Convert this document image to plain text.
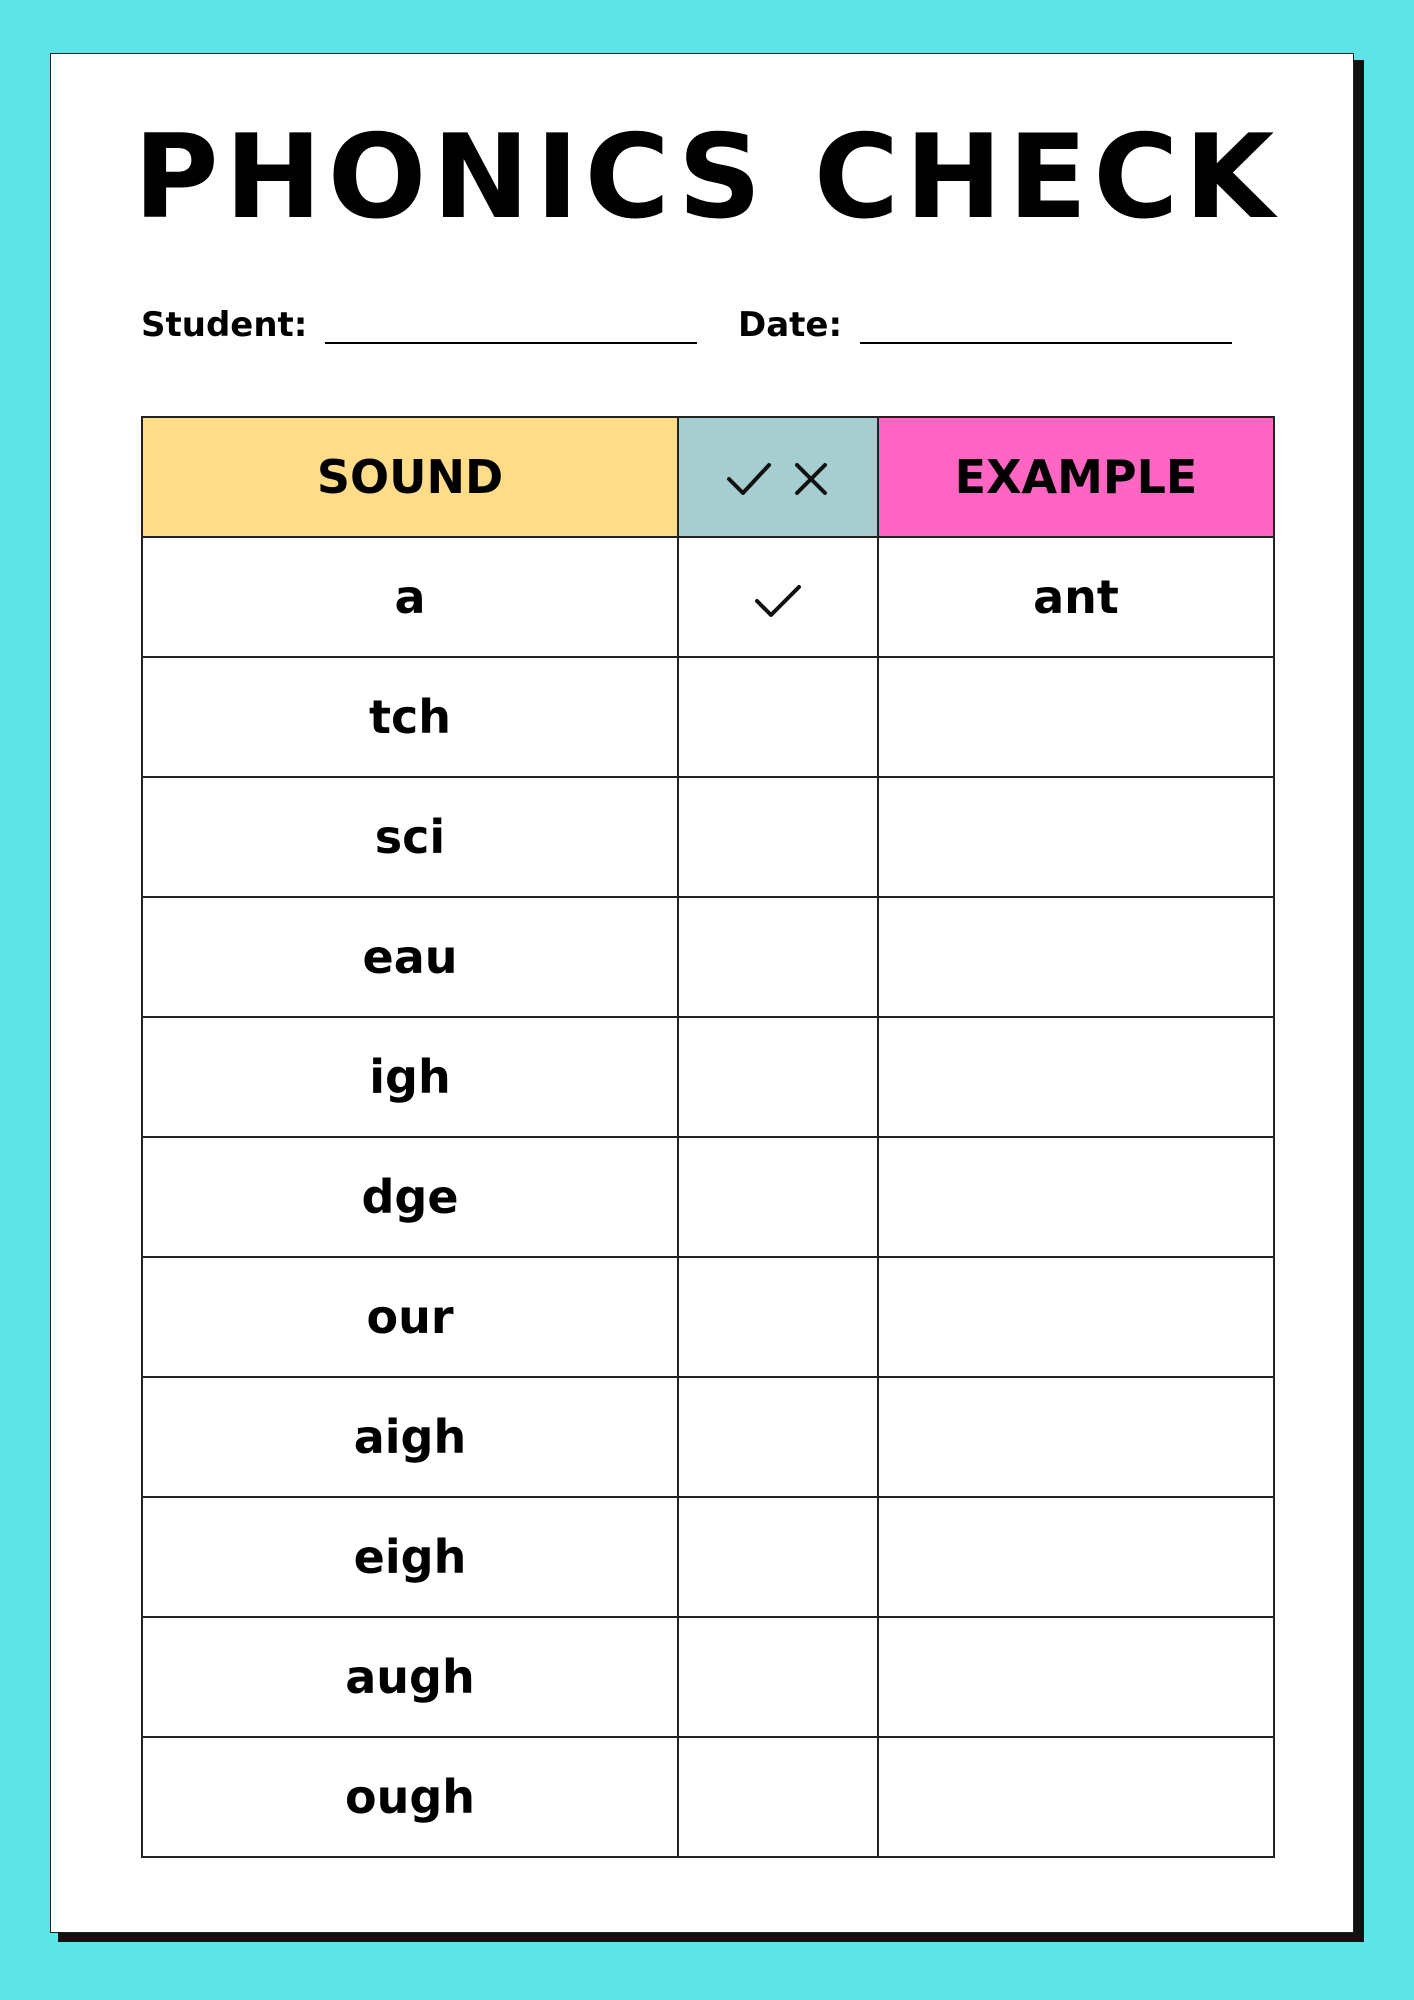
PHONICS CHECK
Student:	Date:
SOUND		EXAMPLE
a		ant
tch		
sci		
eau		
igh		
dge		
our		
aigh		
eigh		
augh		
ough		
